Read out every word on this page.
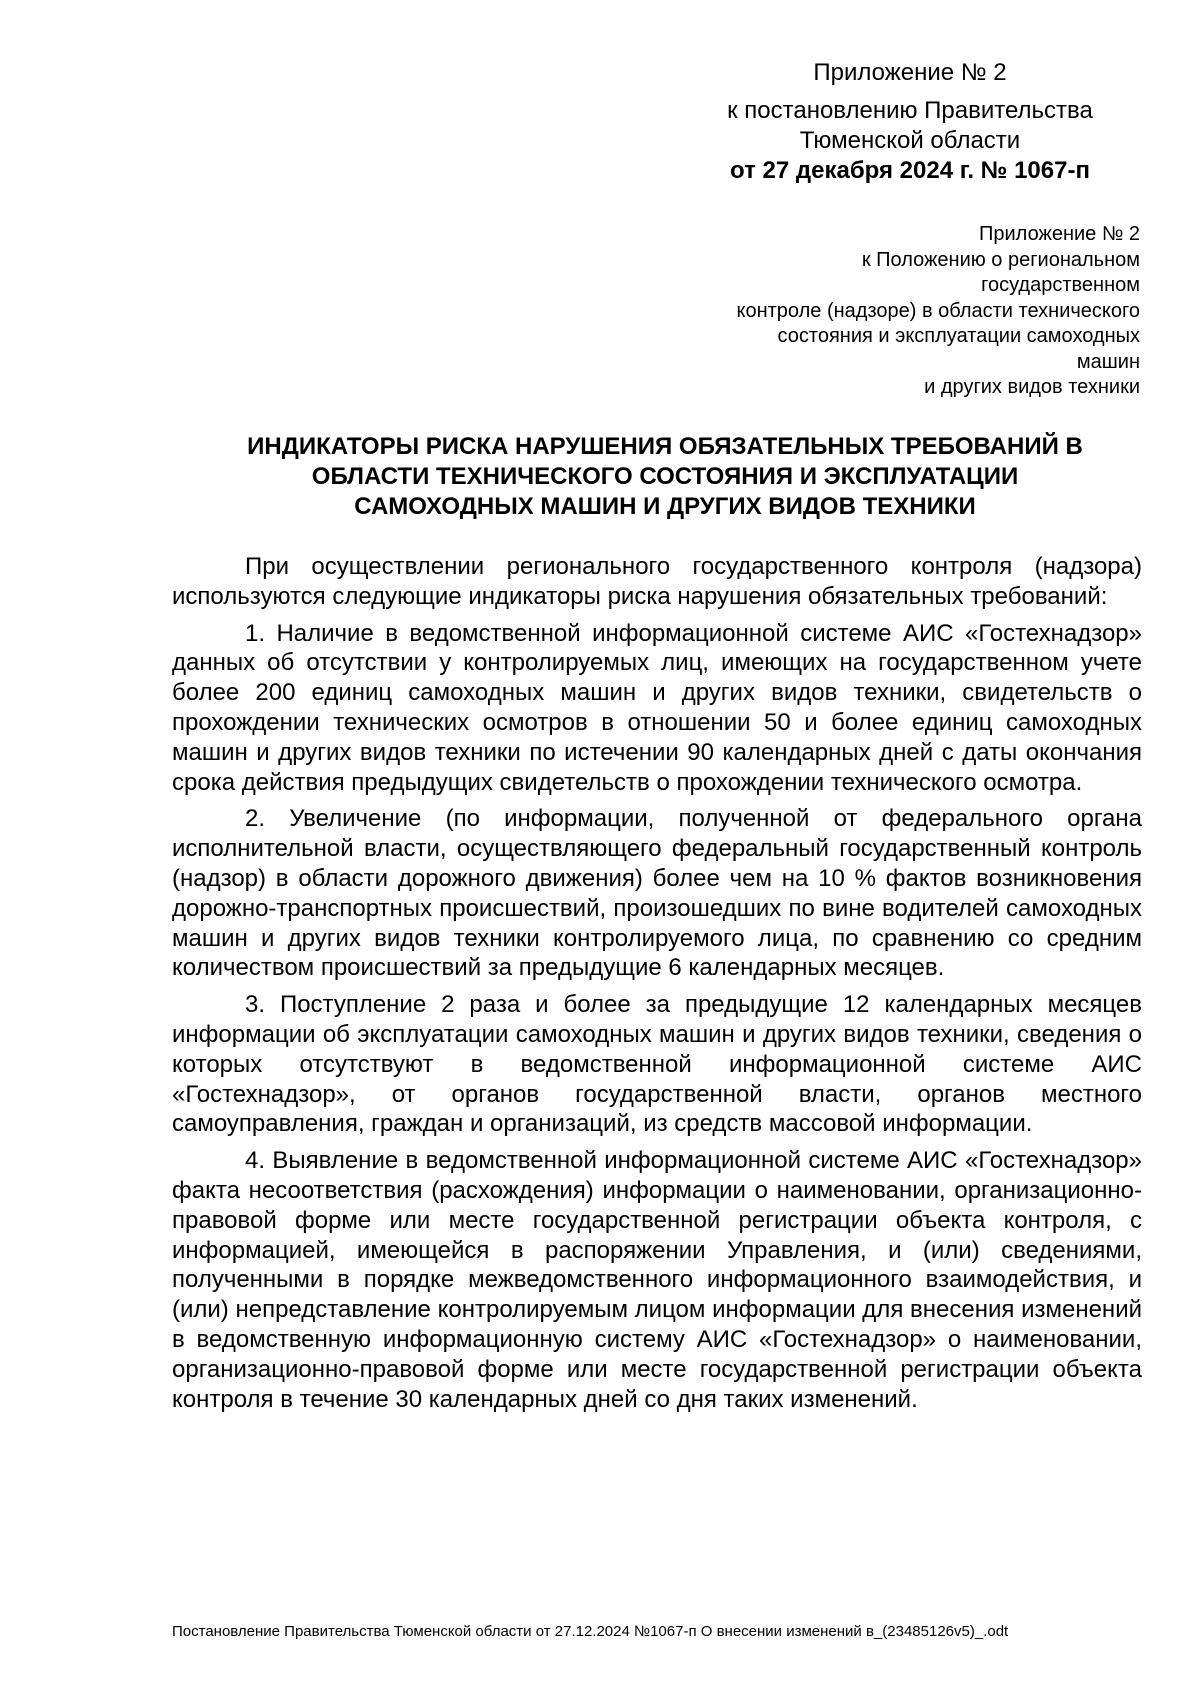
Приложение № 2
к постановлению Правительства
Тюменской области
от 27 декабря 2024 г. № 1067-п
Приложение № 2
к Положению о региональном
государственном
контроле (надзоре) в области технического
состояния и эксплуатации самоходных
машин
и других видов техники
ИНДИКАТОРЫ РИСКА НАРУШЕНИЯ ОБЯЗАТЕЛЬНЫХ ТРЕБОВАНИЙ В
ОБЛАСТИ ТЕХНИЧЕСКОГО СОСТОЯНИЯ И ЭКСПЛУАТАЦИИ
САМОХОДНЫХ МАШИН И ДРУГИХ ВИДОВ ТЕХНИКИ

При осуществлении регионального государственного контроля (надзора) используются следующие индикаторы риска нарушения обязательных требований:

1. Наличие в ведомственной информационной системе АИС «Гостехнадзор» данных об отсутствии у контролируемых лиц, имеющих на государственном учете более 200 единиц самоходных машин и других видов техники, свидетельств о прохождении технических осмотров в отношении 50 и более единиц самоходных машин и других видов техники по истечении 90 календарных дней с даты окончания срока действия предыдущих свидетельств о прохождении технического осмотра.

2. Увеличение (по информации, полученной от федерального органа исполнительной власти, осуществляющего федеральный государственный контроль (надзор) в области дорожного движения) более чем на 10 % фактов возникновения дорожно-транспортных происшествий, произошедших по вине водителей самоходных машин и других видов техники контролируемого лица, по сравнению со средним количеством происшествий за предыдущие 6 календарных месяцев.

3. Поступление 2 раза и более за предыдущие 12 календарных месяцев информации об эксплуатации самоходных машин и других видов техники, сведения о которых отсутствуют в ведомственной информационной системе АИС «Гостехнадзор», от органов государственной власти, органов местного самоуправления, граждан и организаций, из средств массовой информации.

4. Выявление в ведомственной информационной системе АИС «Гостехнадзор» факта несоответствия (расхождения) информации о наименовании, организационно-правовой форме или месте государственной регистрации объекта контроля, с информацией, имеющейся в распоряжении Управления, и (или) сведениями, полученными в порядке межведомственного информационного взаимодействия, и (или) непредставление контролируемым лицом информации для внесения изменений в ведомственную информационную систему АИС «Гостехнадзор» о наименовании, организационно-правовой форме или месте государственной регистрации объекта контроля в течение 30 календарных дней со дня таких изменений.

Постановление Правительства Тюменской области от 27.12.2024 №1067-п О внесении изменений в_(23485126v5)_.odt
